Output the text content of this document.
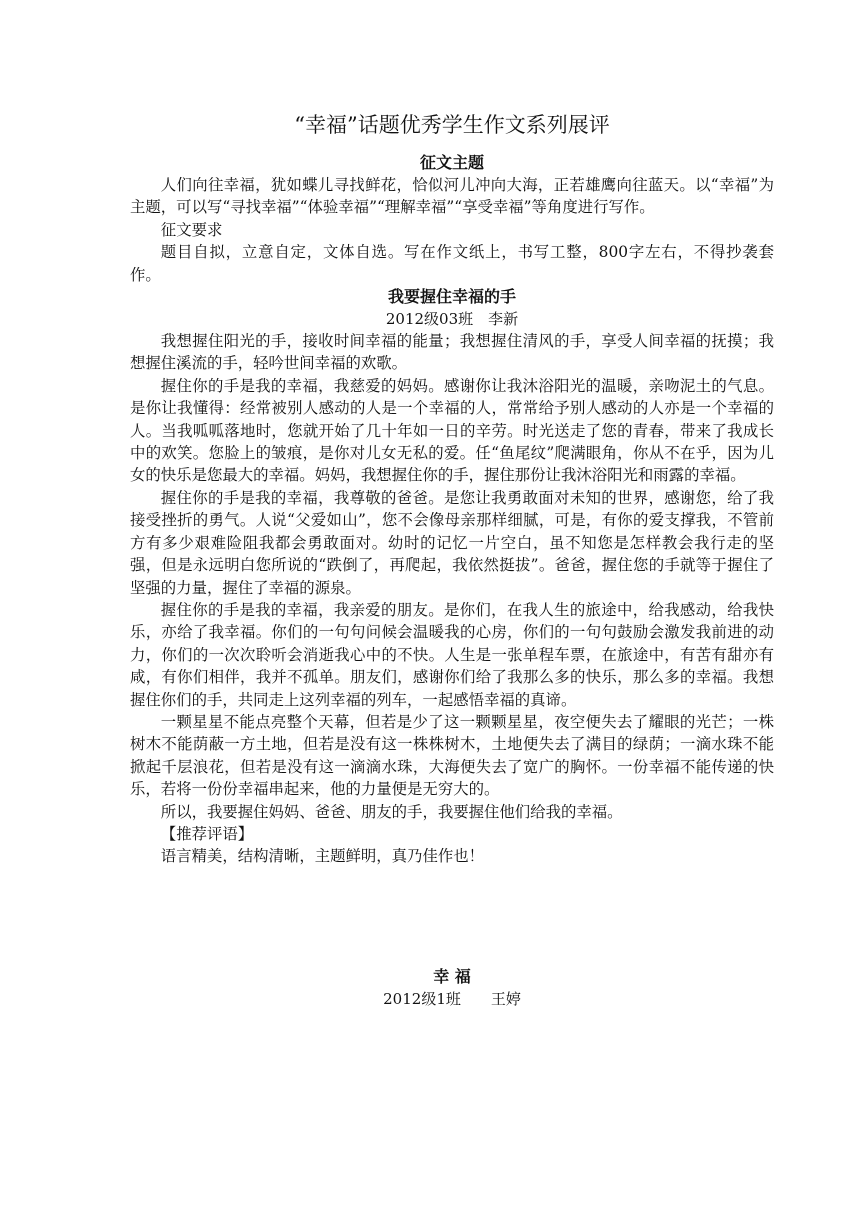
“幸福”话题优秀学生作文系列展评
征文主题

人们向往幸福，犹如蝶儿寻找鲜花，恰似河儿冲向大海，正若雄鹰向往蓝天。以“幸福”为主题，可以写“寻找幸福”“体验幸福”“理解幸福”“享受幸福”等角度进行写作。

征文要求

题目自拟，立意自定，文体自选。写在作文纸上，书写工整，800字左右，不得抄袭套作。

我要握住幸福的手

2012级03班　李新

我想握住阳光的手，接收时间幸福的能量；我想握住清风的手，享受人间幸福的抚摸；我想握住溪流的手，轻吟世间幸福的欢歌。

握住你的手是我的幸福，我慈爱的妈妈。感谢你让我沐浴阳光的温暖，亲吻泥土的气息。是你让我懂得：经常被别人感动的人是一个幸福的人，常常给予别人感动的人亦是一个幸福的人。当我呱呱落地时，您就开始了几十年如一日的辛劳。时光送走了您的青春，带来了我成长中的欢笑。您脸上的皱痕，是你对儿女无私的爱。任“鱼尾纹”爬满眼角，你从不在乎，因为儿女的快乐是您最大的幸福。妈妈，我想握住你的手，握住那份让我沐浴阳光和雨露的幸福。

握住你的手是我的幸福，我尊敬的爸爸。是您让我勇敢面对未知的世界，感谢您，给了我接受挫折的勇气。人说“父爱如山”，您不会像母亲那样细腻，可是，有你的爱支撑我，不管前方有多少艰难险阻我都会勇敢面对。幼时的记忆一片空白，虽不知您是怎样教会我行走的坚强，但是永远明白您所说的“跌倒了，再爬起，我依然挺拔”。爸爸，握住您的手就等于握住了坚强的力量，握住了幸福的源泉。

握住你的手是我的幸福，我亲爱的朋友。是你们，在我人生的旅途中，给我感动，给我快乐，亦给了我幸福。你们的一句句问候会温暖我的心房，你们的一句句鼓励会激发我前进的动力，你们的一次次聆听会消逝我心中的不快。人生是一张单程车票，在旅途中，有苦有甜亦有咸，有你们相伴，我并不孤单。朋友们，感谢你们给了我那么多的快乐，那么多的幸福。我想握住你们的手，共同走上这列幸福的列车，一起感悟幸福的真谛。

一颗星星不能点亮整个天幕，但若是少了这一颗颗星星，夜空便失去了耀眼的光芒；一株树木不能荫蔽一方土地，但若是没有这一株株树木，土地便失去了满目的绿荫；一滴水珠不能掀起千层浪花，但若是没有这一滴滴水珠，大海便失去了宽广的胸怀。一份幸福不能传递的快乐，若将一份份幸福串起来，他的力量便是无穷大的。

所以，我要握住妈妈、爸爸、朋友的手，我要握住他们给我的幸福。

【推荐评语】

语言精美，结构清晰，主题鲜明，真乃佳作也！

幸 福

2012级1班　　王婷
